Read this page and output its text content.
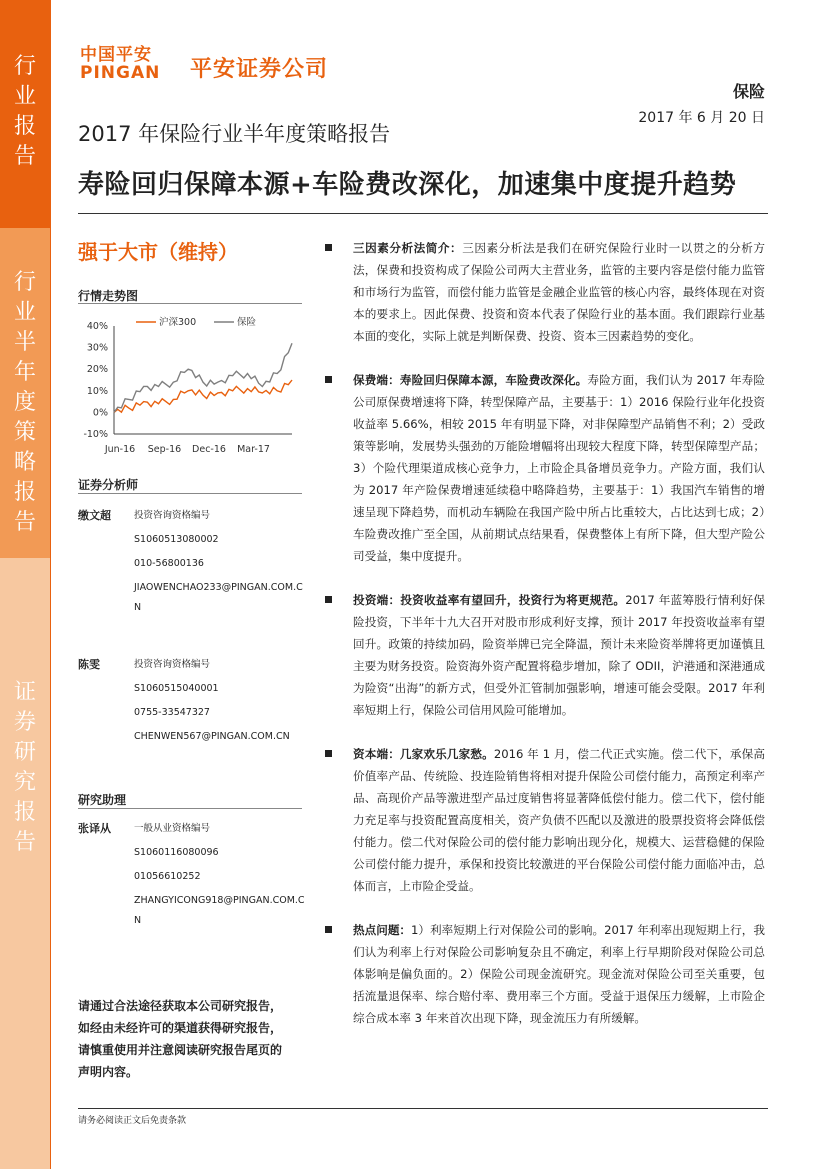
行业报告
行业半年度策略报告
证券研究报告
中国平安
PINGAN 平安证券公司
保险
2017 年 6 月 20 日
2017 年保险行业半年度策略报告
寿险回归保障本源+车险费改深化，加速集中度提升趋势
强于大市（维持）
行情走势图
40%
30%
20%
10%
0%
-10%
Jun-16 Sep-16 Dec-16 Mar-17
沪深300	保险
证券分析师
缴文超 投资咨询资格编号
S1060513080002
010-56800136
JIAOWENCHAO233@PINGAN.COM.CN
陈雯	投资咨询资格编号
S1060515040001
0755-33547327
CHENWEN567@PINGAN.COM.CN
研究助理
张译从 一般从业资格编号
S1060116080096
01056610252
ZHANGYICONG918@PINGAN.COM.CN
请通过合法途径获取本公司研究报告，如经由未经许可的渠道获得研究报告，请慎重使用并注意阅读研究报告尾页的声明内容。
三因素分析法简介：三因素分析法是我们在研究保险行业时一以贯之的分析方法，保费和投资构成了保险公司两大主营业务，监管的主要内容是偿付能力监管和市场行为监管，而偿付能力监管是金融企业监管的核心内容，最终体现在对资本的要求上。因此保费、投资和资本代表了保险行业的基本面。我们跟踪行业基本面的变化，实际上就是判断保费、投资、资本三因素趋势的变化。
保费端：寿险回归保障本源，车险费改深化。寿险方面，我们认为 2017 年寿险公司原保费增速将下降，转型保障产品，主要基于：1）2016 保险行业年化投资收益率 5.66%，相较 2015 年有明显下降，对非保障型产品销售不利；2）受政策等影响，发展势头强劲的万能险增幅将出现较大程度下降，转型保障型产品；3）个险代理渠道成核心竞争力，上市险企具备增员竞争力。产险方面，我们认为 2017 年产险保费增速延续稳中略降趋势，主要基于：1）我国汽车销售的增速呈现下降趋势，而机动车辆险在我国产险中所占比重较大，占比达到七成；2）车险费改推广至全国，从前期试点结果看，保费整体上有所下降，但大型产险公司受益，集中度提升。
投资端：投资收益率有望回升，投资行为将更规范。2017 年蓝筹股行情利好保险投资，下半年十九大召开对股市形成利好支撑，预计 2017 年投资收益率有望回升。政策的持续加码，险资举牌已完全降温，预计未来险资举牌将更加谨慎且主要为财务投资。险资海外资产配置将稳步增加，除了 ODII，沪港通和深港通成为险资“出海”的新方式，但受外汇管制加强影响，增速可能会受限。2017 年利率短期上行，保险公司信用风险可能增加。
资本端：几家欢乐几家愁。2016 年 1 月，偿二代正式实施。偿二代下，承保高价值率产品、传统险、投连险销售将相对提升保险公司偿付能力，高预定利率产品、高现价产品等激进型产品过度销售将显著降低偿付能力。偿二代下，偿付能力充足率与投资配置高度相关，资产负债不匹配以及激进的股票投资将会降低偿付能力。偿二代对保险公司的偿付能力影响出现分化，规模大、运营稳健的保险公司偿付能力提升，承保和投资比较激进的平台保险公司偿付能力面临冲击，总体而言，上市险企受益。
热点问题：1）利率短期上行对保险公司的影响。2017 年利率出现短期上行，我们认为利率上行对保险公司影响复杂且不确定，利率上行早期阶段对保险公司总体影响是偏负面的。2）保险公司现金流研究。现金流对保险公司至关重要，包括流量退保率、综合赔付率、费用率三个方面。受益于退保压力缓解，上市险企综合成本率 3 年来首次出现下降，现金流压力有所缓解。
请务必阅读正文后免责条款
